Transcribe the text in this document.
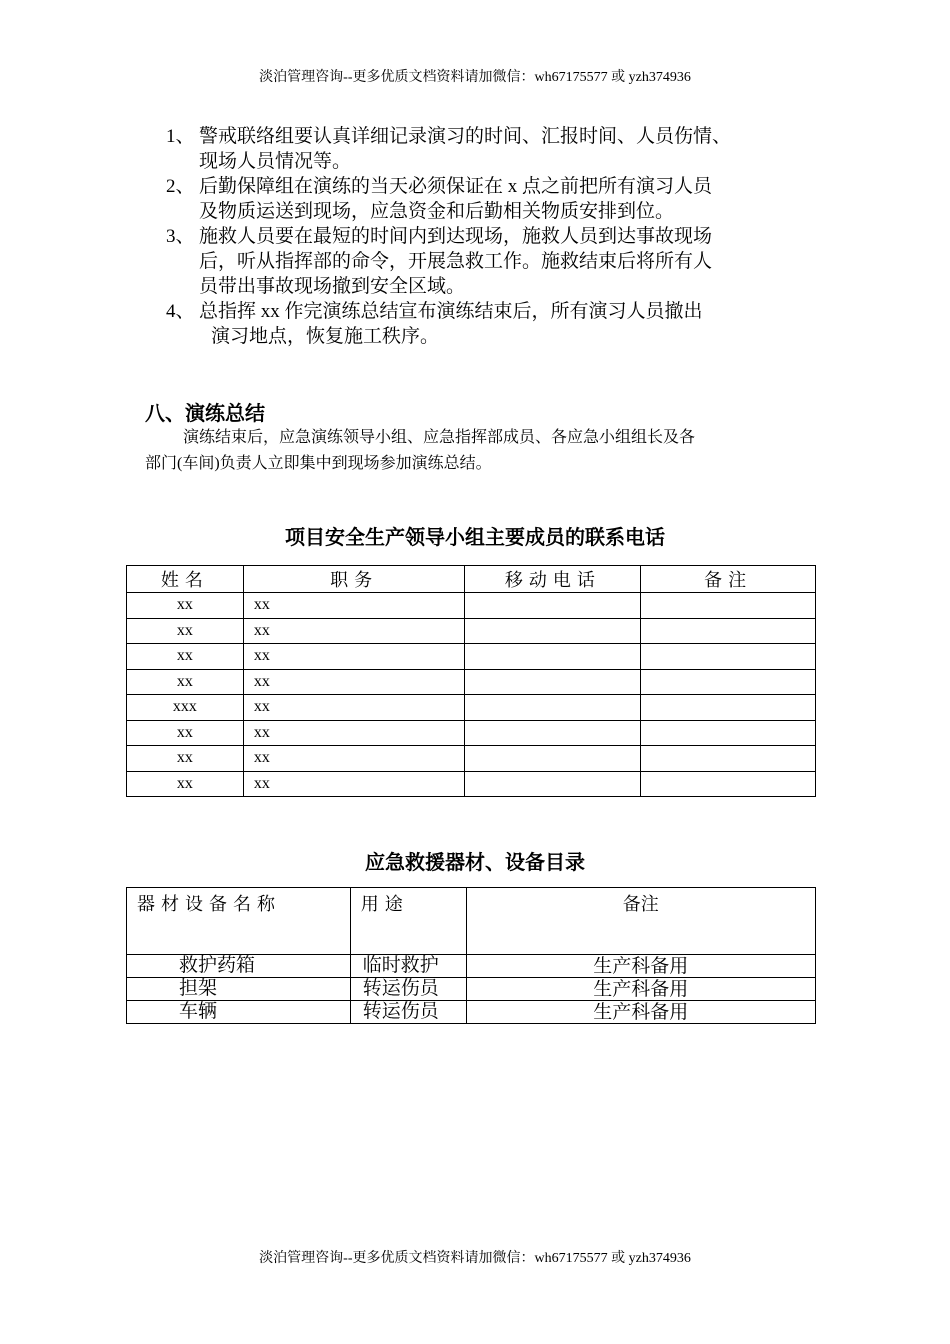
淡泊管理咨询--更多优质文档资料请加微信：wh67175577 或 yzh374936
1、 警戒联络组要认真详细记录演习的时间、汇报时间、人员伤情、
现场人员情况等。
2、 后勤保障组在演练的当天必须保证在 x 点之前把所有演习人员
及物质运送到现场，应急资金和后勤相关物质安排到位。
3、 施救人员要在最短的时间内到达现场，施救人员到达事故现场
后，听从指挥部的命令，开展急救工作。施救结束后将所有人
员带出事故现场撤到安全区域。
4、 总指挥 xx 作完演练总结宣布演练结束后，所有演习人员撤出
演习地点，恢复施工秩序。
八、演练总结
演练结束后，应急演练领导小组、应急指挥部成员、各应急小组组长及各
部门(车间)负责人立即集中到现场参加演练总结。
项目安全生产领导小组主要成员的联系电话
姓名	职务	移动电话	备注
xx	xx		
xx	xx		
xx	xx		
xx	xx		
xxx	xx		
xx	xx		
xx	xx		
xx	xx		
应急救援器材、设备目录
器材设备名称	用途	备注
救护药箱	临时救护	生产科备用
担架	转运伤员	生产科备用
车辆	转运伤员	生产科备用
淡泊管理咨询--更多优质文档资料请加微信：wh67175577 或 yzh374936
